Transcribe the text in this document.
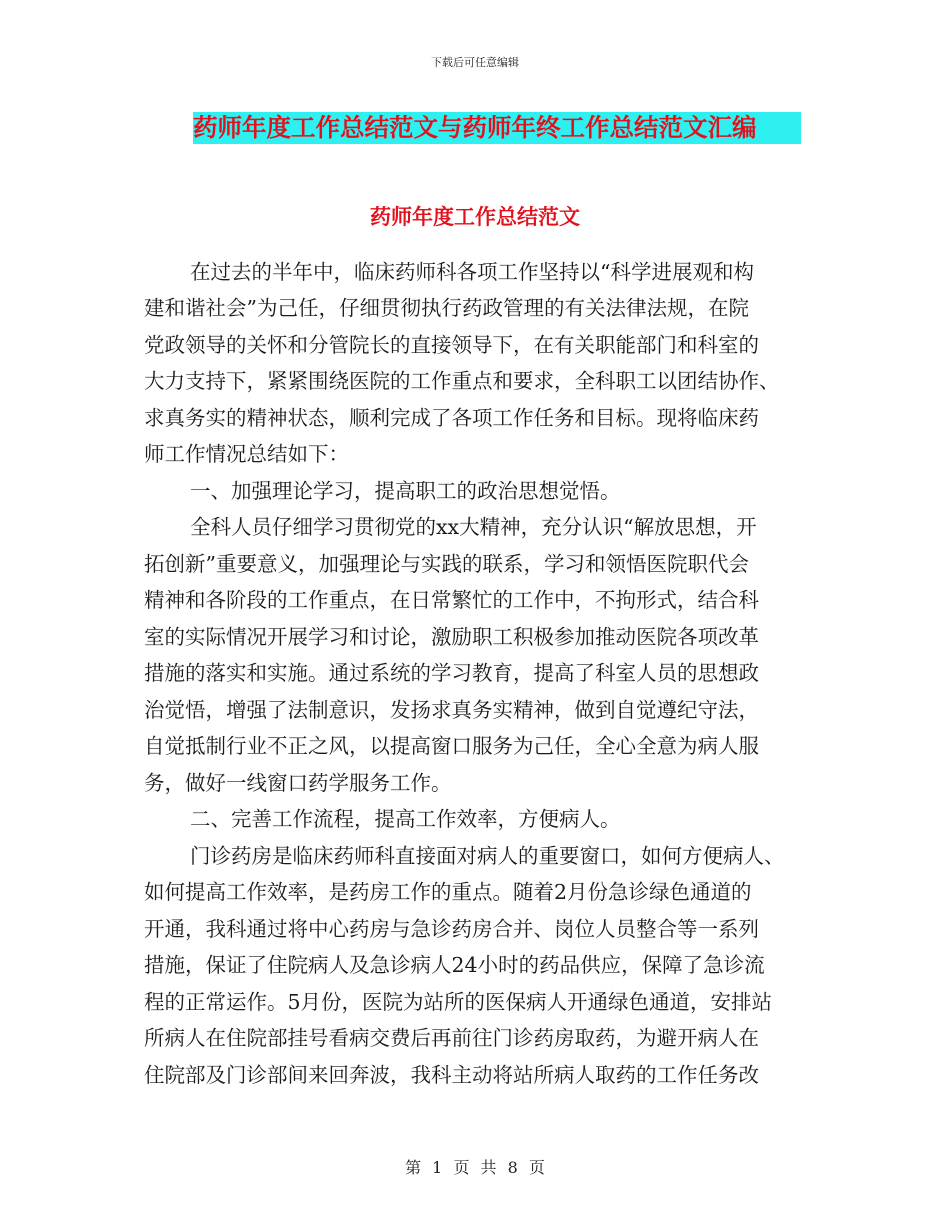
下载后可任意编辑
药师年度工作总结范文与药师年终工作总结范文汇编
药师年度工作总结范文
在过去的半年中，临床药师科各项工作坚持以“科学进展观和构
建和谐社会”为己任，仔细贯彻执行药政管理的有关法律法规，在院
党政领导的关怀和分管院长的直接领导下，在有关职能部门和科室的
大力支持下，紧紧围绕医院的工作重点和要求，全科职工以团结协作、
求真务实的精神状态，顺利完成了各项工作任务和目标。现将临床药
师工作情况总结如下：
一、加强理论学习，提高职工的政治思想觉悟。
全科人员仔细学习贯彻党的xx大精神，充分认识“解放思想，开
拓创新”重要意义，加强理论与实践的联系，学习和领悟医院职代会
精神和各阶段的工作重点，在日常繁忙的工作中，不拘形式，结合科
室的实际情况开展学习和讨论，激励职工积极参加推动医院各项改革
措施的落实和实施。通过系统的学习教育，提高了科室人员的思想政
治觉悟，增强了法制意识，发扬求真务实精神，做到自觉遵纪守法，
自觉抵制行业不正之风，以提高窗口服务为己任，全心全意为病人服
务，做好一线窗口药学服务工作。
二、完善工作流程，提高工作效率，方便病人。
门诊药房是临床药师科直接面对病人的重要窗口，如何方便病人、
如何提高工作效率，是药房工作的重点。随着2月份急诊绿色通道的
开通，我科通过将中心药房与急诊药房合并、岗位人员整合等一系列
措施，保证了住院病人及急诊病人24小时的药品供应，保障了急诊流
程的正常运作。5月份，医院为站所的医保病人开通绿色通道，安排站
所病人在住院部挂号看病交费后再前往门诊药房取药，为避开病人在
住院部及门诊部间来回奔波，我科主动将站所病人取药的工作任务改
第 1 页 共 8 页
